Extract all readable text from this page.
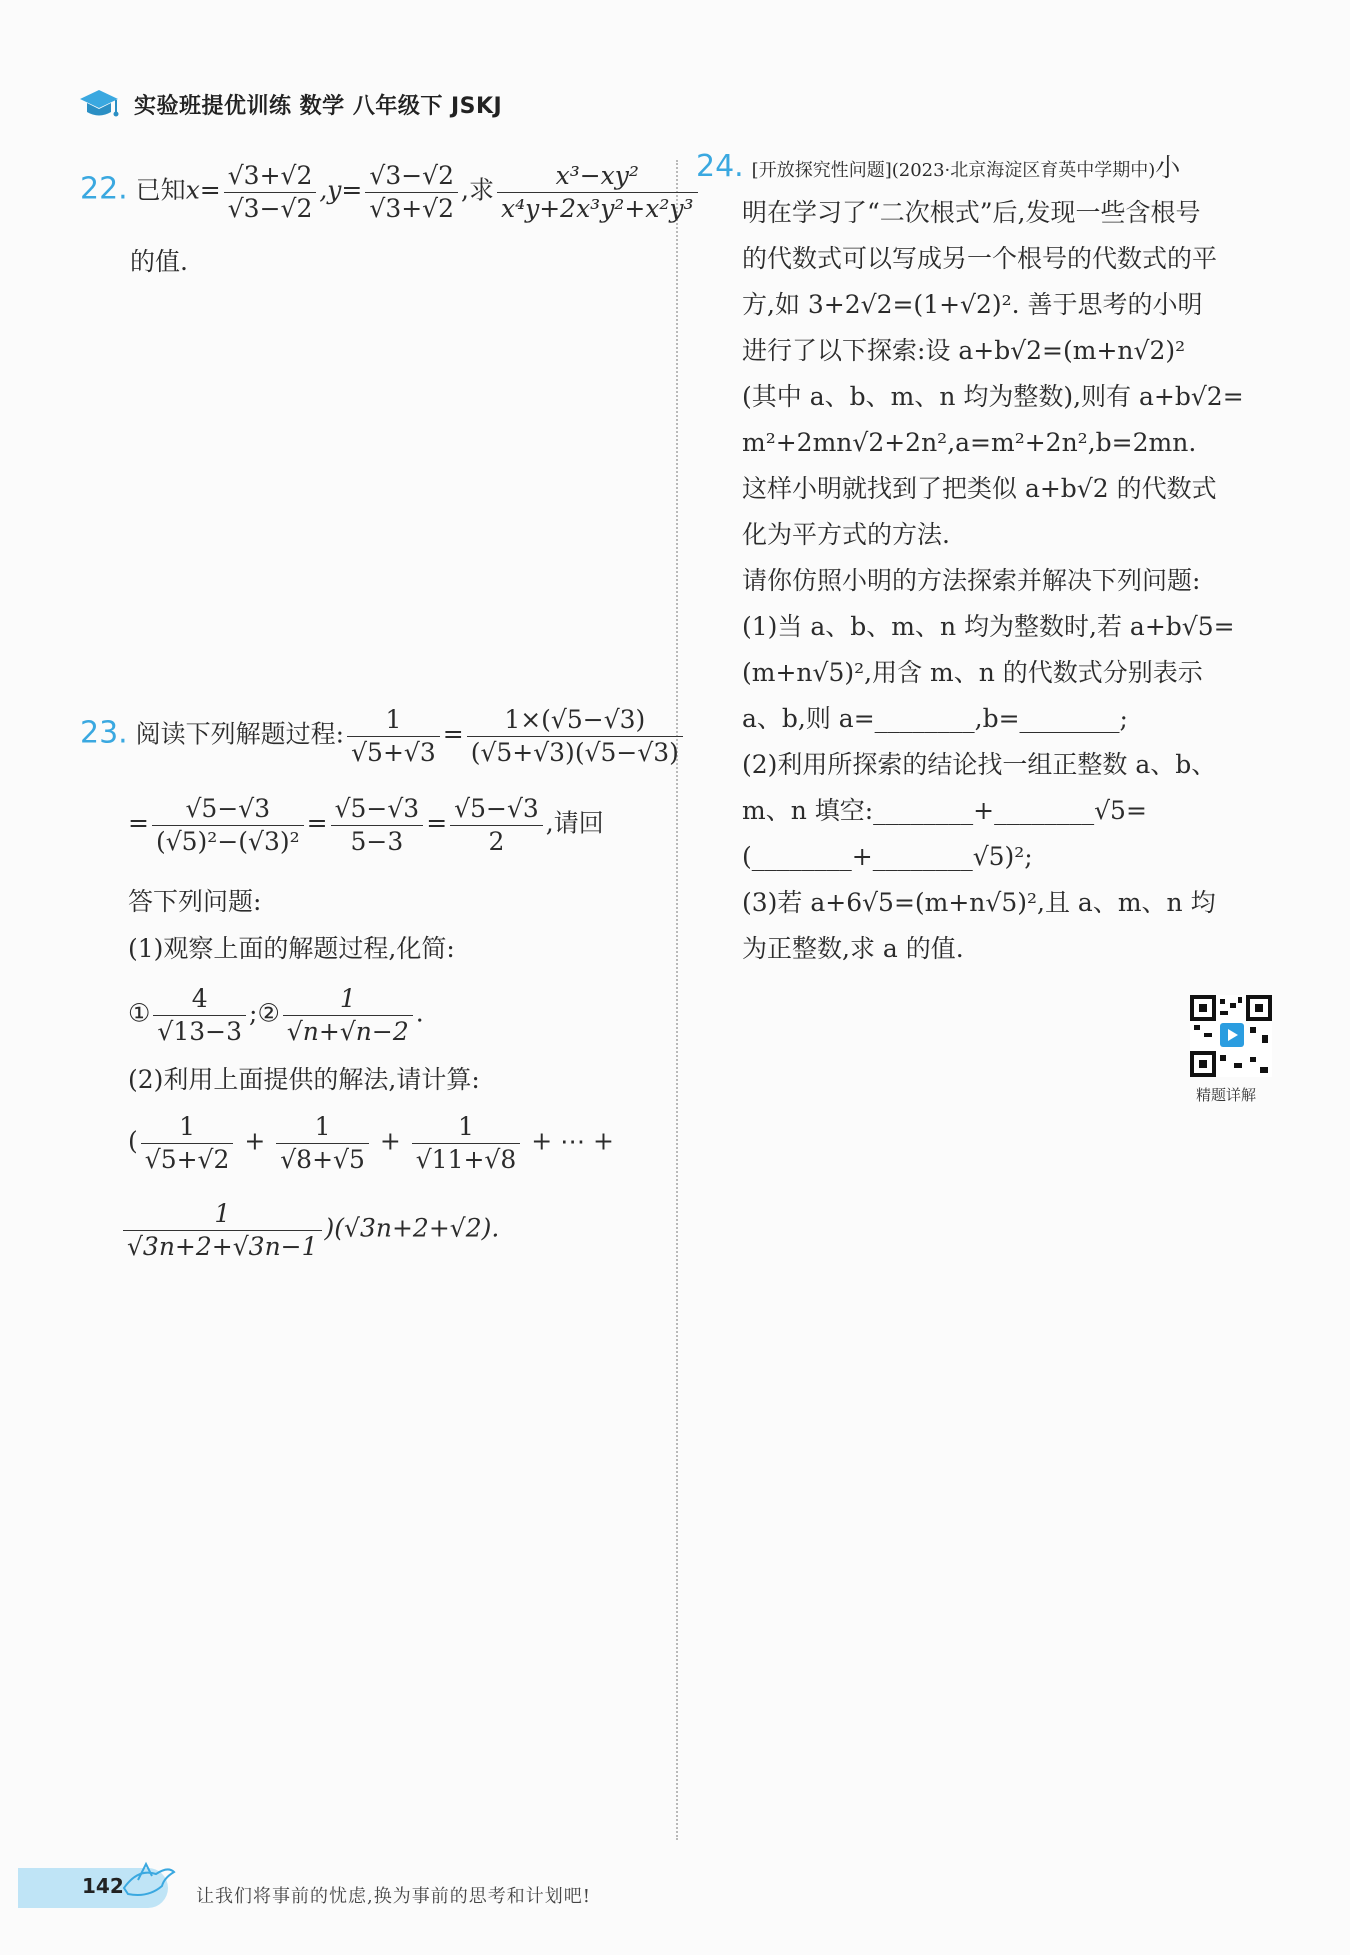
实验班提优训练 数学 八年级下 JSKJ
22. 已知$x= \frac{√3+√2}{√3-√2} ,y= \frac{√3-√2}{√3+√2}$ ,求 $\frac{\text{x³−xy²}}{\text{x⁴y+2x³y²+x²y³}}$
的值.
23. 阅读下列解题过程: $\frac{1}{√5+√3} = \frac{1\times(√5-√3)}{(√5+√3)(√5-√3)}$
= $\frac{√5-√3}{\text{(√5)²−(√3)²}} = \frac{√5-√3}{5-3} = \frac{√5-√3}{2}$ ,请回
答下列问题:
(1)观察上面的解题过程,化简:
① $\frac{4}{√13-3}$ ;② $\frac{1}{√n+√n-2}$ .
(2)利用上面提供的解法,请计算:
( $\frac{1}{√5+√2} + \frac{1}{√8+√5} + \frac{1}{√11+√8}$ + ⋯ +
$\frac{1}{√3n+2+√3n-1} )(√3n+2+√2)$.
24. [开放探究性问题](2023·北京海淀区育英中学期中)小

明在学习了“二次根式”后,发现一些含根号

的代数式可以写成另一个根号的代数式的平

方,如 3+2√2=(1+√2)². 善于思考的小明

进行了以下探索:设 a+b√2=(m+n√2)²

(其中 a、b、m、n 均为整数),则有 a+b√2=

m²+2mn√2+2n²,a=m²+2n²,b=2mn.

这样小明就找到了把类似 a+b√2 的代数式

化为平方式的方法.

请你仿照小明的方法探索并解决下列问题:

(1)当 a、b、m、n 均为整数时,若 a+b√5=

(m+n√5)²,用含 m、n 的代数式分别表示

a、b,则 a=________,b=________;

(2)利用所探索的结论找一组正整数 a、b、

m、n 填空:________+________√5=

(________+________√5)²;

(3)若 a+6√5=(m+n√5)²,且 a、m、n 均

为正整数,求 a 的值.

精题详解
142	让我们将事前的忧虑,换为事前的思考和计划吧!
